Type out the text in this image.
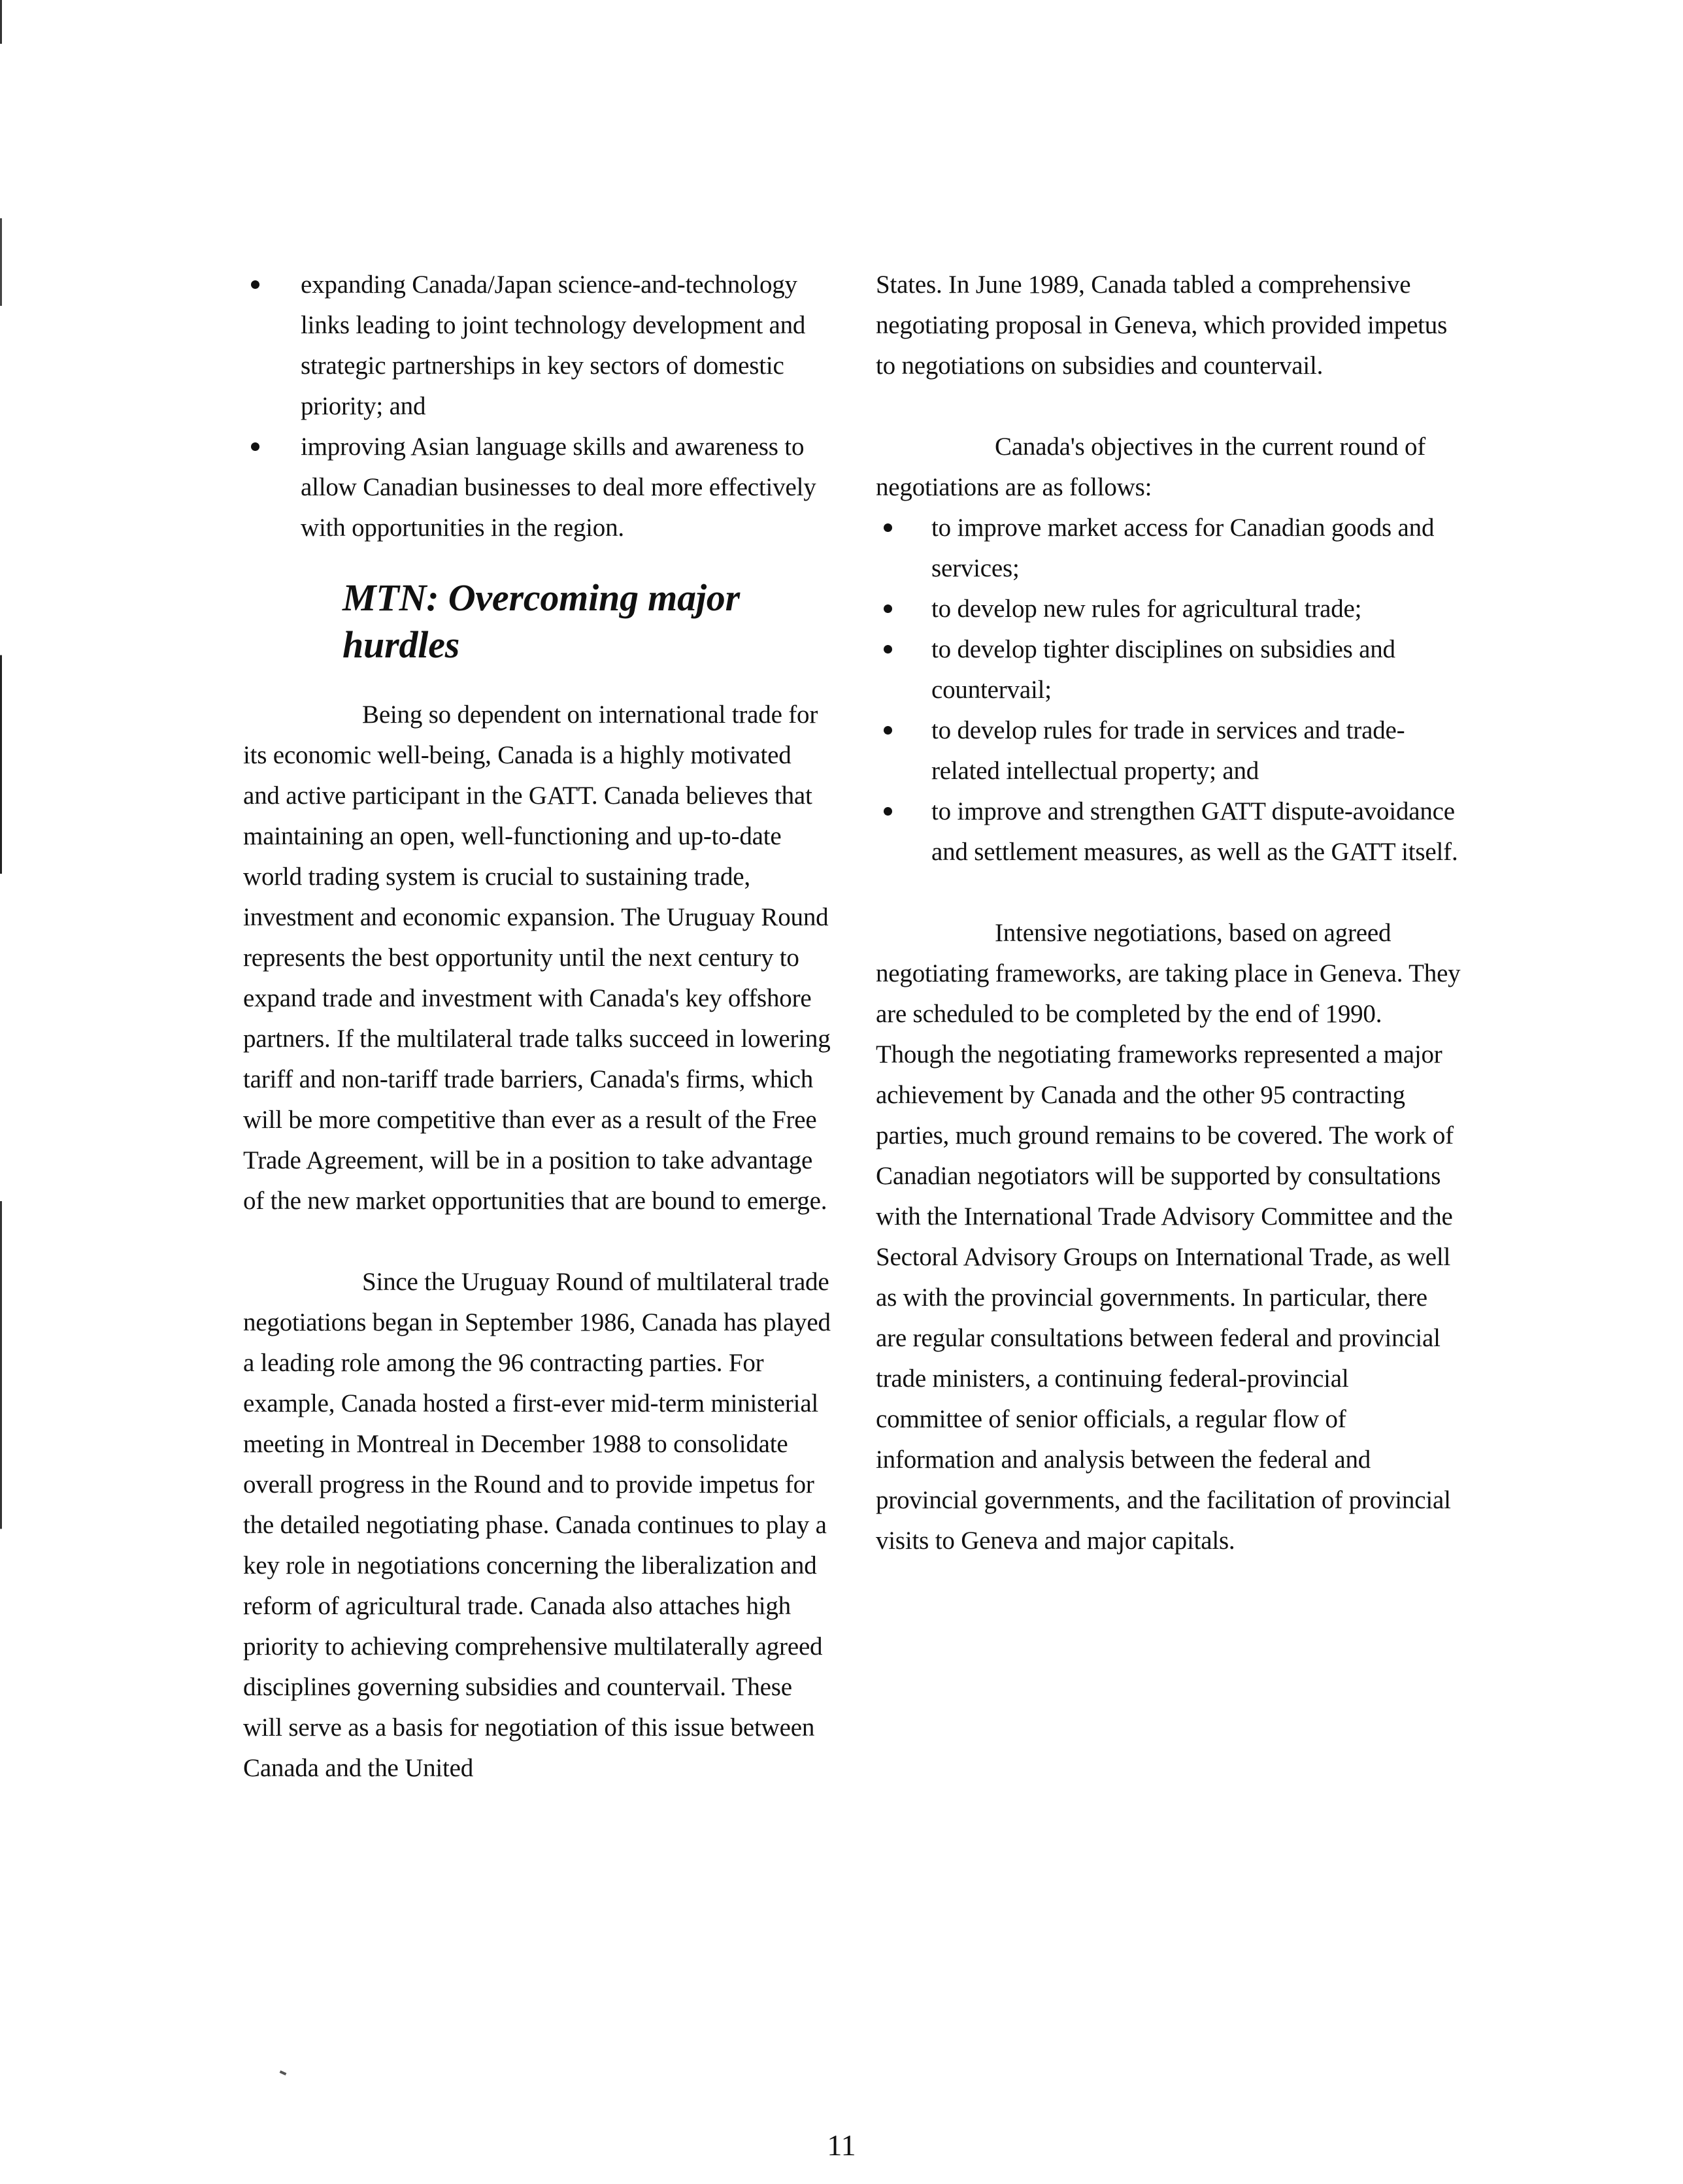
expanding Canada/Japan science-and-technology links leading to joint technology development and strategic partnerships in key sectors of domestic priority; and
improving Asian language skills and awareness to allow Canadian businesses to deal more effectively with opportunities in the region.
MTN: Overcoming major hurdles

Being so dependent on international trade for its economic well-being, Canada is a highly motivated and active participant in the GATT. Canada believes that maintaining an open, well-functioning and up-to-date world trading system is crucial to sustaining trade, investment and economic expansion. The Uruguay Round represents the best opportunity until the next century to expand trade and investment with Canada's key offshore partners. If the multilateral trade talks succeed in lowering tariff and non-tariff trade barriers, Canada's firms, which will be more competitive than ever as a result of the Free Trade Agreement, will be in a position to take advantage of the new market opportunities that are bound to emerge.

Since the Uruguay Round of multilateral trade negotiations began in September 1986, Canada has played a leading role among the 96 contracting parties. For example, Canada hosted a first-ever mid-term ministerial meeting in Montreal in December 1988 to consolidate overall progress in the Round and to provide impetus for the detailed negotiating phase. Canada continues to play a key role in negotiations concerning the liberalization and reform of agricultural trade. Canada also attaches high priority to achieving comprehensive multilaterally agreed disciplines governing subsidies and countervail. These will serve as a basis for negotiation of this issue between Canada and the United

States. In June 1989, Canada tabled a comprehensive negotiating proposal in Geneva, which provided impetus to negotiations on subsidies and countervail.

Canada's objectives in the current round of negotiations are as follows:

to improve market access for Canadian goods and services;
to develop new rules for agricultural trade;
to develop tighter disciplines on subsidies and countervail;
to develop rules for trade in services and trade-related intellectual property; and
to improve and strengthen GATT dispute-avoidance and settlement measures, as well as the GATT itself.

Intensive negotiations, based on agreed negotiating frameworks, are taking place in Geneva. They are scheduled to be completed by the end of 1990. Though the negotiating frameworks represented a major achievement by Canada and the other 95 contracting parties, much ground remains to be covered. The work of Canadian negotiators will be supported by consultations with the International Trade Advisory Committee and the Sectoral Advisory Groups on International Trade, as well as with the provincial governments. In particular, there are regular consultations between federal and provincial trade ministers, a continuing federal-provincial committee of senior officials, a regular flow of information and analysis between the federal and provincial governments, and the facilitation of provincial visits to Geneva and major capitals.

11
